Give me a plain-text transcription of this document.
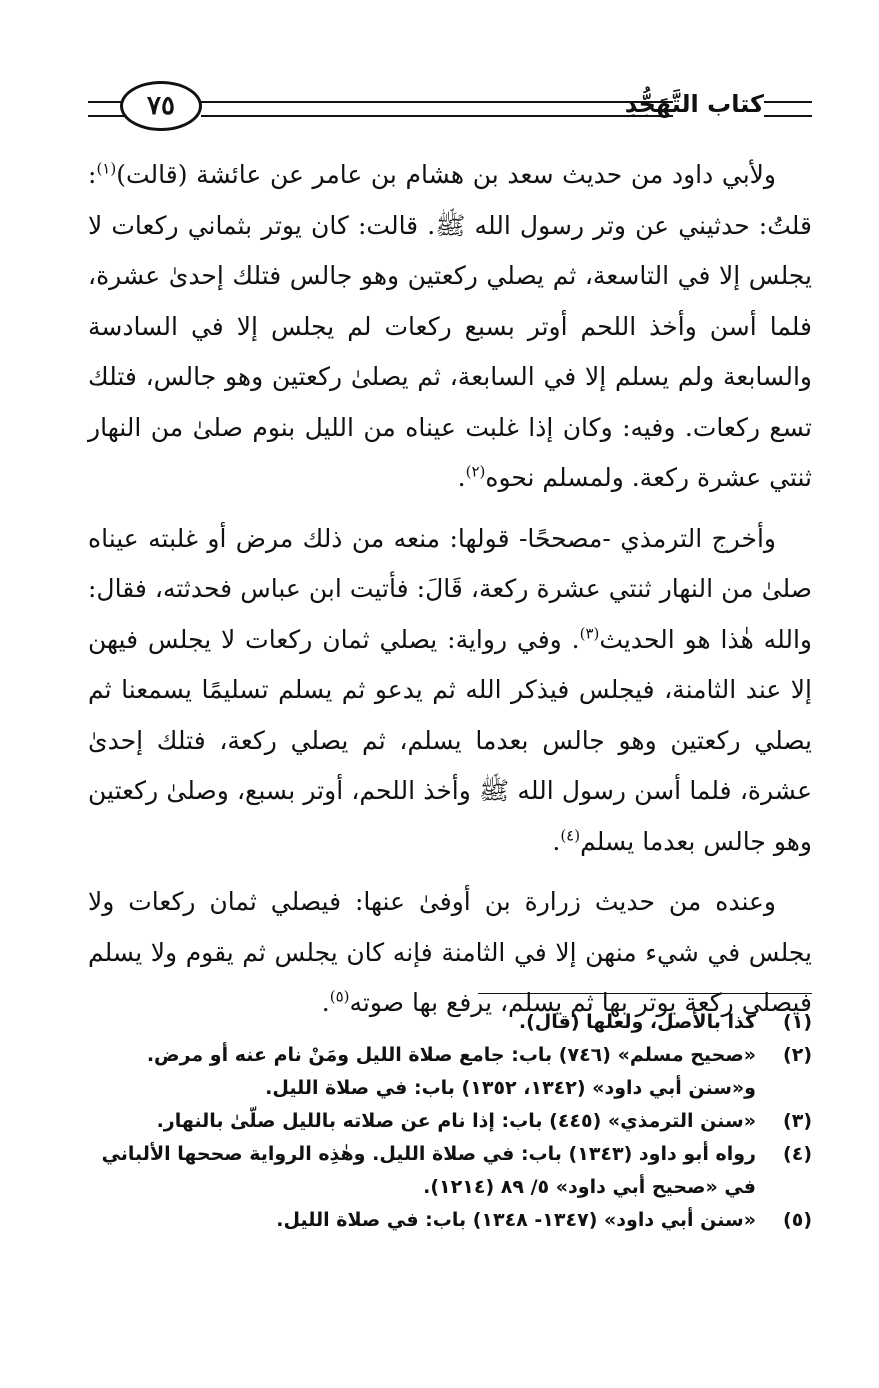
٧٥	كتاب التَّهَجُّدِ

ولأبي داود من حديث سعد بن هشام بن عامر عن عائشة (قالت)$^{(١)}$: قلتُ: حدثيني عن وتر رسول الله ﷺ. قالت: كان يوتر بثماني ركعات لا يجلس إلا في التاسعة، ثم يصلي ركعتين وهو جالس فتلك إحدىٰ عشرة، فلما أسن وأخذ اللحم أوتر بسبع ركعات لم يجلس إلا في السادسة والسابعة ولم يسلم إلا في السابعة، ثم يصلىٰ ركعتين وهو جالس، فتلك تسع ركعات. وفيه: وكان إذا غلبت عيناه من الليل بنوم صلىٰ من النهار ثنتي عشرة ركعة. ولمسلم نحوه$^{(٢)}$.

وأخرج الترمذي -مصححًا- قولها: منعه من ذلك مرض أو غلبته عيناه صلىٰ من النهار ثنتي عشرة ركعة، قَالَ: فأتيت ابن عباس فحدثته، فقال: والله هٰذا هو الحديث$^{(٣)}$. وفي رواية: يصلي ثمان ركعات لا يجلس فيهن إلا عند الثامنة، فيجلس فيذكر الله ثم يدعو ثم يسلم تسليمًا يسمعنا ثم يصلي ركعتين وهو جالس بعدما يسلم، ثم يصلي ركعة، فتلك إحدىٰ عشرة، فلما أسن رسول الله ﷺ وأخذ اللحم، أوتر بسبع، وصلىٰ ركعتين وهو جالس بعدما يسلم$^{(٤)}$.

وعنده من حديث زرارة بن أوفىٰ عنها: فيصلي ثمان ركعات ولا يجلس في شيء منهن إلا في الثامنة فإنه كان يجلس ثم يقوم ولا يسلم فيصلي ركعة يوتر بها ثم يسلم، يرفع بها صوته$^{(٥)}$.

(١)
كذا بالأصل، ولعلها (قال).
(٢)
«صحيح مسلم» (٧٤٦) باب: جامع صلاة الليل ومَنْ نام عنه أو مرض. و«سنن أبي داود» (١٣٤٢، ١٣٥٢) باب: في صلاة الليل.
(٣)
«سنن الترمذي» (٤٤٥) باب: إذا نام عن صلاته بالليل صلّىٰ بالنهار.
(٤)
رواه أبو داود (١٣٤٣) باب: في صلاة الليل. وهٰذِه الرواية صححها الألباني في «صحيح أبي داود» ٥/ ٨٩ (١٢١٤).
(٥)
«سنن أبي داود» (١٣٤٧- ١٣٤٨) باب: في صلاة الليل.
